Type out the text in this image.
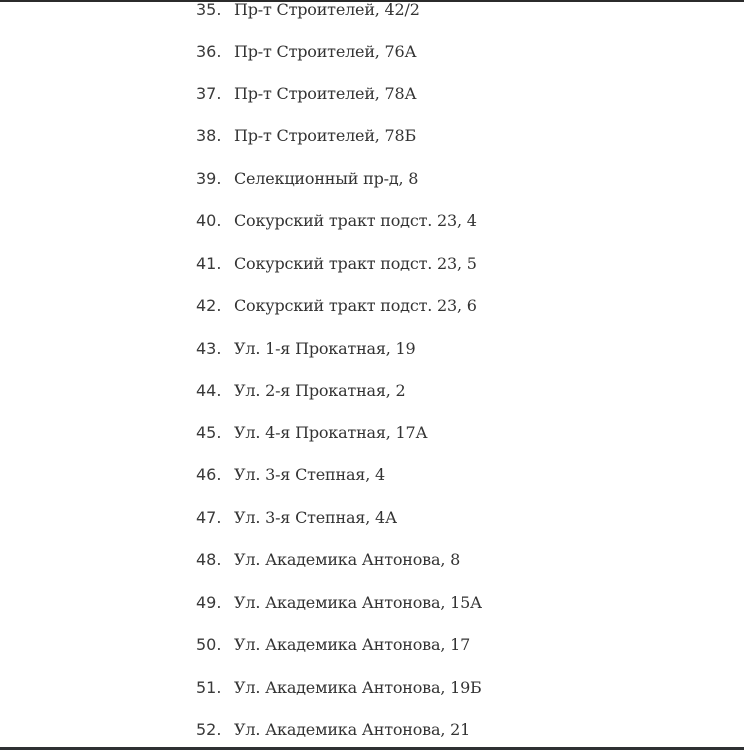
35. Пр-т Строителей, 42/2
36. Пр-т Строителей, 76А
37. Пр-т Строителей, 78А
38. Пр-т Строителей, 78Б
39. Селекционный пр-д, 8
40. Сокурский тракт подст. 23, 4
41. Сокурский тракт подст. 23, 5
42. Сокурский тракт подст. 23, 6
43. Ул. 1-я Прокатная, 19
44. Ул. 2-я Прокатная, 2
45. Ул. 4-я Прокатная, 17А
46. Ул. 3-я Степная, 4
47. Ул. 3-я Степная, 4А
48. Ул. Академика Антонова, 8
49. Ул. Академика Антонова, 15А
50. Ул. Академика Антонова, 17
51. Ул. Академика Антонова, 19Б
52. Ул. Академика Антонова, 21
